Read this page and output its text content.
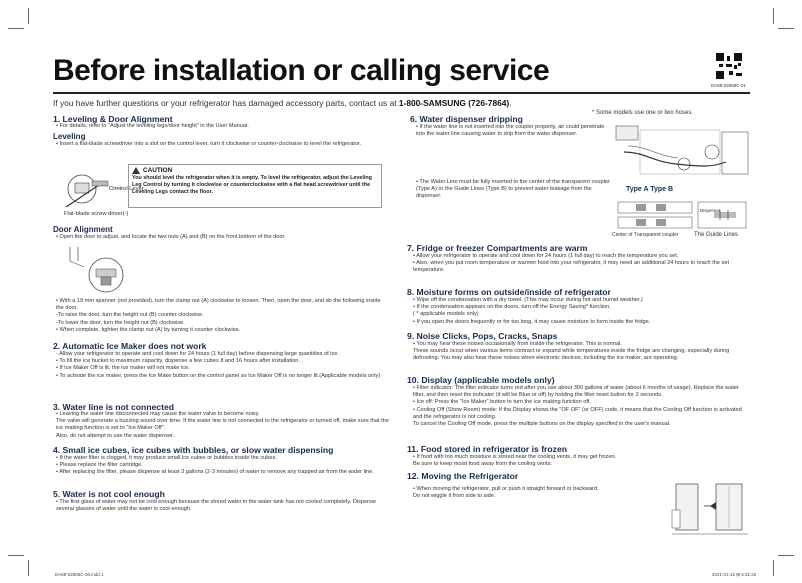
Before installation or calling service	DA68-02659C-01
If you have further questions or your refrigerator has damaged accessory parts, contact us at 1-800-SAMSUNG (726-7864).
1. Leveling & Door Alignment
• For details, refer to "Adjust the leveling legs/door height" in the User Manual.
Leveling
• Insert a flat-blade screwdriver into a slot on the control lever, turn it clockwise or counter-clockwise to level the refrigerator.
Control Lever
Flat-blade screw driver(-)
CAUTION
You should level the refrigerator when it is empty. To level the refrigerator, adjust the Leveling Leg Control by turning it clockwise or counterclockwise with a flat head screwdriver until the Leveling Legs contact the floor.
Door Alignment
• Open the door to adjust, and locate the two nuts (A) and (B) on the front bottom of the door.
• With a 19 mm spanner (not provided), turn the clamp nut (A) clockwise to loosen. Then, open the door, and do the following inside the door.
-To raise the door, turn the height nut (B) counter clockwise.
-To lower the door, turn the height nut (B) clockwise.
• When complete, tighten the clamp nut (A) by turning it counter clockwise.
2. Automatic Ice Maker does not work
- Allow your refrigerator to operate and cool down for 24 hours (1 full day) before dispensing large quantities of ice.
• To fill the ice bucket to maximum capacity, dispense a few cubes 8 and 16 hours after installation.
• If Ice Maker Off is lit, the ice maker will not make ice.
• To activate the ice maker, press the Ice Make button on the control panel so Ice Maker Off is no longer lit.(Applicable models only)
3. Water line is not connected
• Leaving the water line disconnected may cause the water valve to become noisy.
The valve will generate a buzzing sound over time. If the water line is not connected to the refrigerator or turned off, make sure that the ice making function is set to "Ice Maker Off".
Also, do not attempt to use the water dispenser.
4. Small ice cubes, ice cubes with bubbles, or slow water dispensing
• If the water filter is clogged, it may produce small ice cubes or bubbles inside the cubes.
• Please replace the filter cartridge.
• After replacing the filter, please dispense at least 3 gallons (2-3 minutes) of water to remove any trapped air from the water line.
5. Water is not cool enough
• The first glass of water may not be cold enough because the stored water in the water tank has not cooled completely. Dispense several glasses of water until the water is cool enough.
6. Water dispenser dripping
* Some models use one or two hoses.
• If the water line is not inserted into the coupler properly, air could penetrate into the water line causing water to drip from the water dispenser.
• The Water Line must be fully inserted to the center of the transparent coupler (Type A) or the Guide Lines (Type B) to prevent water leakage from the dispenser.
Type A Type B
Dispenser
Center of Transparent coupler	The Guide Lines
7. Fridge or freezer Compartments are warm
• Allow your refrigerator to operate and cool down for 24 hours (1 full day) to reach the temperature you set.
• Also, when you put room temperature or warmer food into your refrigerator, it may need an additional 24 hours to reach the set temperature.
8. Moisture forms on outside/inside of refrigerator
• Wipe off the condensation with a dry towel. (This may occur during hot and humid weather.)
• If the condensation appears on the doors, turn off the Energy Saving* function.
( * applicable models only)
• If you open the doors frequently or for too long, it may cause moisture to form inside the fridge.
9. Noise Clicks, Pops, Cracks, Snaps
• You may hear these noises occasionally from inside the refrigerator. This is normal.
These sounds occur when various items contract or expand while temperatures inside the fridge are changing, especially during defrosting. You may also hear these noises when electronic devices, including the ice maker, are operating.
10. Display (applicable models only)
• Filter indicator: The filter indicator turns red after you use about 300 gallons of water (about 6 months of usage). Replace the water filter, and then reset the indicator (it will be Blue or off) by holding the filter reset button for 3 seconds.
• Ice off: Press the "Ice Maker" button to turn the ice making function off.
• Cooling Off (Show Room) mode: If the Display shows the "OF OF" (or OFF) code, it means that the Cooling Off function is activated and the refrigerator is not cooling.
To cancel the Cooling Off mode, press the multiple buttons on the display specified in the user's manual.
11. Food stored in refrigerator is frozen
• If food with too much moisture is stored near the cooling vents, it may get frozen.
Be sure to keep moist food away from the cooling vents.
12. Moving the Refrigerator
• When moving the refrigerator, pull or push it straight forward or backward.
Do not wiggle it from side to side.
DA68-02659C-00.indd 1	2021-01-12 ⊞ 5:31:32
